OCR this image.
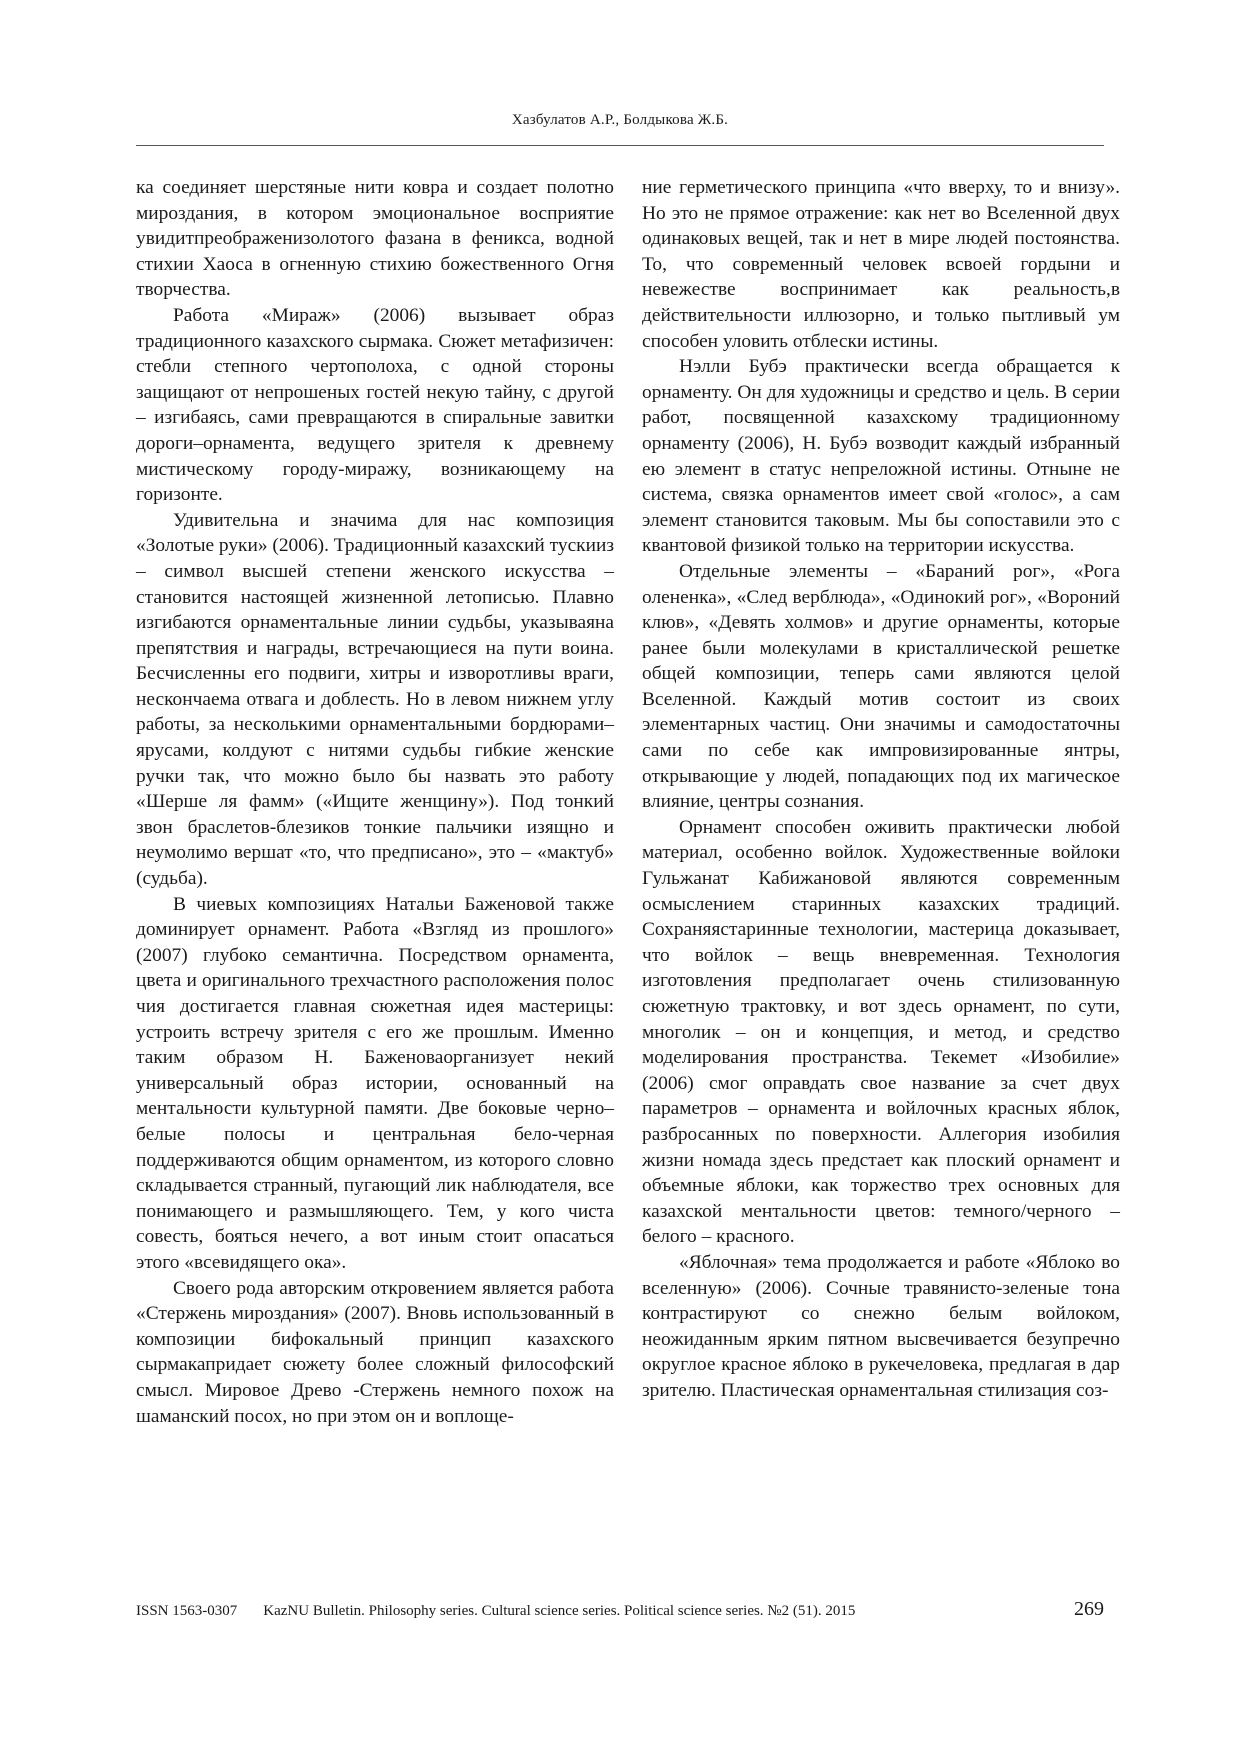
Хазбулатов А.Р., Болдыкова Ж.Б.

ка соединяет шерстяные нити ковра и создает полотно мироздания, в котором эмоциональное восприятие увидитпреображенизолотого фазана в феникса, водной стихии Хаоса в огненную стихию божественного Огня творчества.

Работа «Мираж» (2006) вызывает образ традиционного казахского сырмака. Сюжет метафизичен: стебли степного чертополоха, с одной стороны защищают от непрошеных гостей некую тайну, с другой – изгибаясь, сами превращаются в спиральные завитки дороги–орнамента, ведущего зрителя к древнему мистическому городу-миражу, возникающему на горизонте.

Удивительна и значима для нас композиция «Золотые руки» (2006). Традиционный казахский тускииз – символ высшей степени женского искусства – становится настоящей жизненной летописью. Плавно изгибаются орнаментальные линии судьбы, указываяна препятствия и награды, встречающиеся на пути воина. Бесчисленны его подвиги, хитры и изворотливы враги, нескончаема отвага и доблесть. Но в левом нижнем углу работы, за несколькими орнаментальными бордюрами–ярусами, колдуют с нитями судьбы гибкие женские ручки так, что можно было бы назвать это работу «Шерше ля фамм» («Ищите женщину»). Под тонкий звон браслетов-блезиков тонкие пальчики изящно и неумолимо вершат «то, что предписано», это – «мактуб» (судьба).

В чиевых композициях Натальи Баженовой также доминирует орнамент. Работа «Взгляд из прошлого» (2007) глубоко семантична. Посредством орнамента, цвета и оригинального трехчастного расположения полос чия достигается главная сюжетная идея мастерицы: устроить встречу зрителя с его же прошлым. Именно таким образом Н. Баженоваорганизует некий универсальный образ истории, основанный на ментальности культурной памяти. Две боковые черно–белые полосы и центральная бело-черная поддерживаются общим орнаментом, из которого словно складывается странный, пугающий лик наблюдателя, все понимающего и размышляющего. Тем, у кого чиста совесть, бояться нечего, а вот иным стоит опасаться этого «всевидящего ока».

Своего рода авторским откровением является работа «Стержень мироздания» (2007). Вновь использованный в композиции бифокальный принцип казахского сырмакапридает сюжету более сложный философский смысл. Мировое Древо -Стержень немного похож на шаманский посох, но при этом он и воплоще-

ние герметического принципа «что вверху, то и внизу». Но это не прямое отражение: как нет во Вселенной двух одинаковых вещей, так и нет в мире людей постоянства. То, что современный человек всвоей гордыни и невежестве воспринимает как реальность,в действительности иллюзорно, и только пытливый ум способен уловить отблески истины.

Нэлли Бубэ практически всегда обращается к орнаменту. Он для художницы и средство и цель. В серии работ, посвященной казахскому традиционному орнаменту (2006), Н. Бубэ возводит каждый избранный ею элемент в статус непреложной истины. Отныне не система, связка орнаментов имеет свой «голос», а сам элемент становится таковым. Мы бы сопоставили это с квантовой физикой только на территории искусства.

Отдельные элементы – «Бараний рог», «Рога олененка», «След верблюда», «Одинокий рог», «Вороний клюв», «Девять холмов» и другие орнаменты, которые ранее были молекулами в кристаллической решетке общей композиции, теперь сами являются целой Вселенной. Каждый мотив состоит из своих элементарных частиц. Они значимы и самодостаточны сами по себе как импровизированные янтры, открывающие у людей, попадающих под их магическое влияние, центры сознания.

Орнамент способен оживить практически любой материал, особенно войлок. Художественные войлоки Гульжанат Кабижановой являются современным осмыслением старинных казахских традиций. Сохраняястаринные технологии, мастерица доказывает, что войлок – вещь вневременная. Технология изготовления предполагает очень стилизованную сюжетную трактовку, и вот здесь орнамент, по сути, многолик – он и концепция, и метод, и средство моделирования пространства. Текемет «Изобилие» (2006) смог оправдать свое название за счет двух параметров – орнамента и войлочных красных яблок, разбросанных по поверхности. Аллегория изобилия жизни номада здесь предстает как плоский орнамент и объемные яблоки, как торжество трех основных для казахской ментальности цветов: темного/черного – белого – красного.

«Яблочная» тема продолжается и работе «Яблоко во вселенную» (2006). Сочные травянисто-зеленые тона контрастируют со снежно белым войлоком, неожиданным ярким пятном высвечивается безупречно округлое красное яблоко в рукечеловека, предлагая в дар зрителю. Пластическая орнаментальная стилизация соз-

ISSN 1563-0307 KazNU Bulletin. Philosophy series. Cultural science series. Political science series. №2 (51). 2015	269
